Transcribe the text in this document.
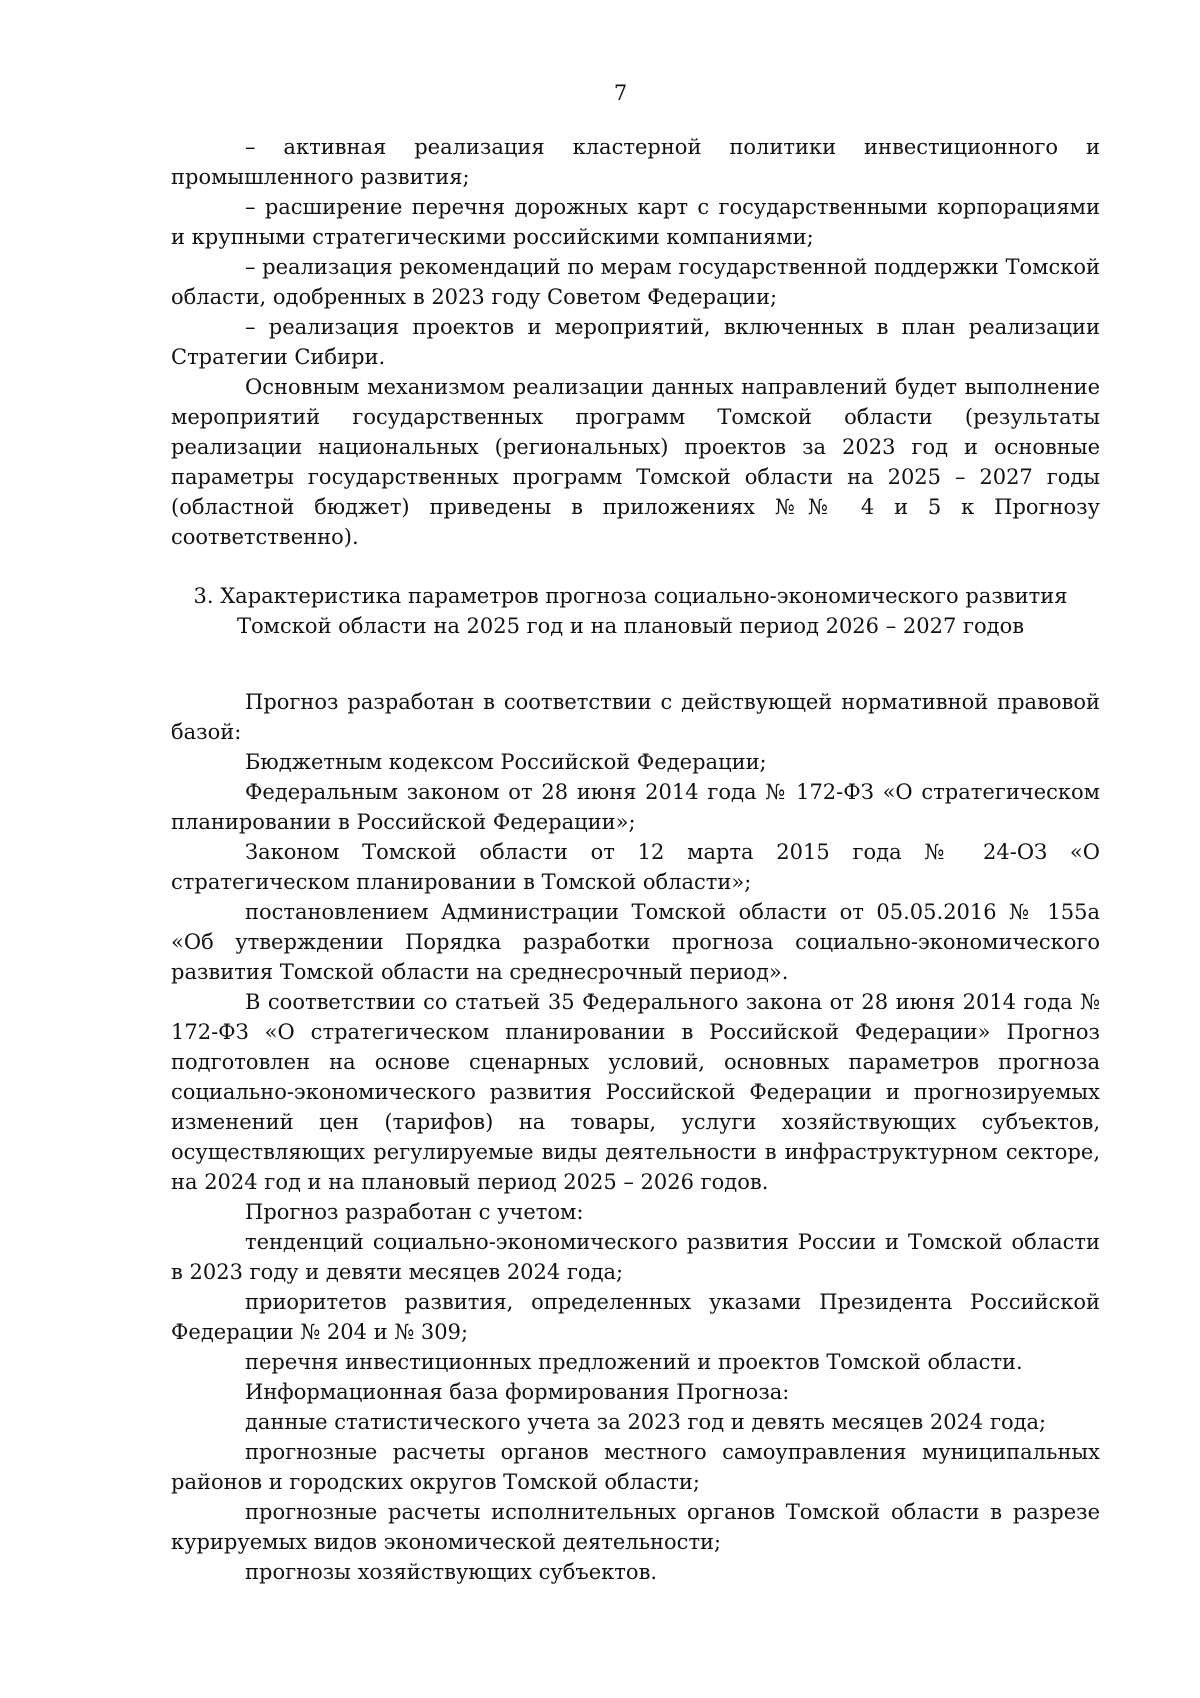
7

– активная реализация кластерной политики инвестиционного и промышленного развития;

– расширение перечня дорожных карт с государственными корпорациями и крупными стратегическими российскими компаниями;

– реализация рекомендаций по мерам государственной поддержки Томской области, одобренных в 2023 году Советом Федерации;

– реализация проектов и мероприятий, включенных в план реализации Стратегии Сибири.

Основным механизмом реализации данных направлений будет выполнение мероприятий государственных программ Томской области (результаты реализации национальных (региональных) проектов за 2023 год и основные параметры государственных программ Томской области на 2025 – 2027 годы (областной бюджет) приведены в приложениях №№ 4 и 5 к Прогнозу соответственно).

3. Характеристика параметров прогноза социально-экономического развития
Томской области на 2025 год и на плановый период 2026 – 2027 годов

Прогноз разработан в соответствии с действующей нормативной правовой базой:

Бюджетным кодексом Российской Федерации;

Федеральным законом от 28 июня 2014 года № 172-ФЗ «О стратегическом планировании в Российской Федерации»;

Законом Томской области от 12 марта 2015 года № 24-ОЗ «О стратегическом планировании в Томской области»;

постановлением Администрации Томской области от 05.05.2016 № 155а «Об утверждении Порядка разработки прогноза социально-экономического развития Томской области на среднесрочный период».

В соответствии со статьей 35 Федерального закона от 28 июня 2014 года № 172-ФЗ «О стратегическом планировании в Российской Федерации» Прогноз подготовлен на основе сценарных условий, основных параметров прогноза социально-экономического развития Российской Федерации и прогнозируемых изменений цен (тарифов) на товары, услуги хозяйствующих субъектов, осуществляющих регулируемые виды деятельности в инфраструктурном секторе, на 2024 год и на плановый период 2025 – 2026 годов.

Прогноз разработан с учетом:

тенденций социально-экономического развития России и Томской области в 2023 году и девяти месяцев 2024 года;

приоритетов развития, определенных указами Президента Российской Федерации № 204 и № 309;

перечня инвестиционных предложений и проектов Томской области.

Информационная база формирования Прогноза:

данные статистического учета за 2023 год и девять месяцев 2024 года;

прогнозные расчеты органов местного самоуправления муниципальных районов и городских округов Томской области;

прогнозные расчеты исполнительных органов Томской области в разрезе курируемых видов экономической деятельности;

прогнозы хозяйствующих субъектов.
